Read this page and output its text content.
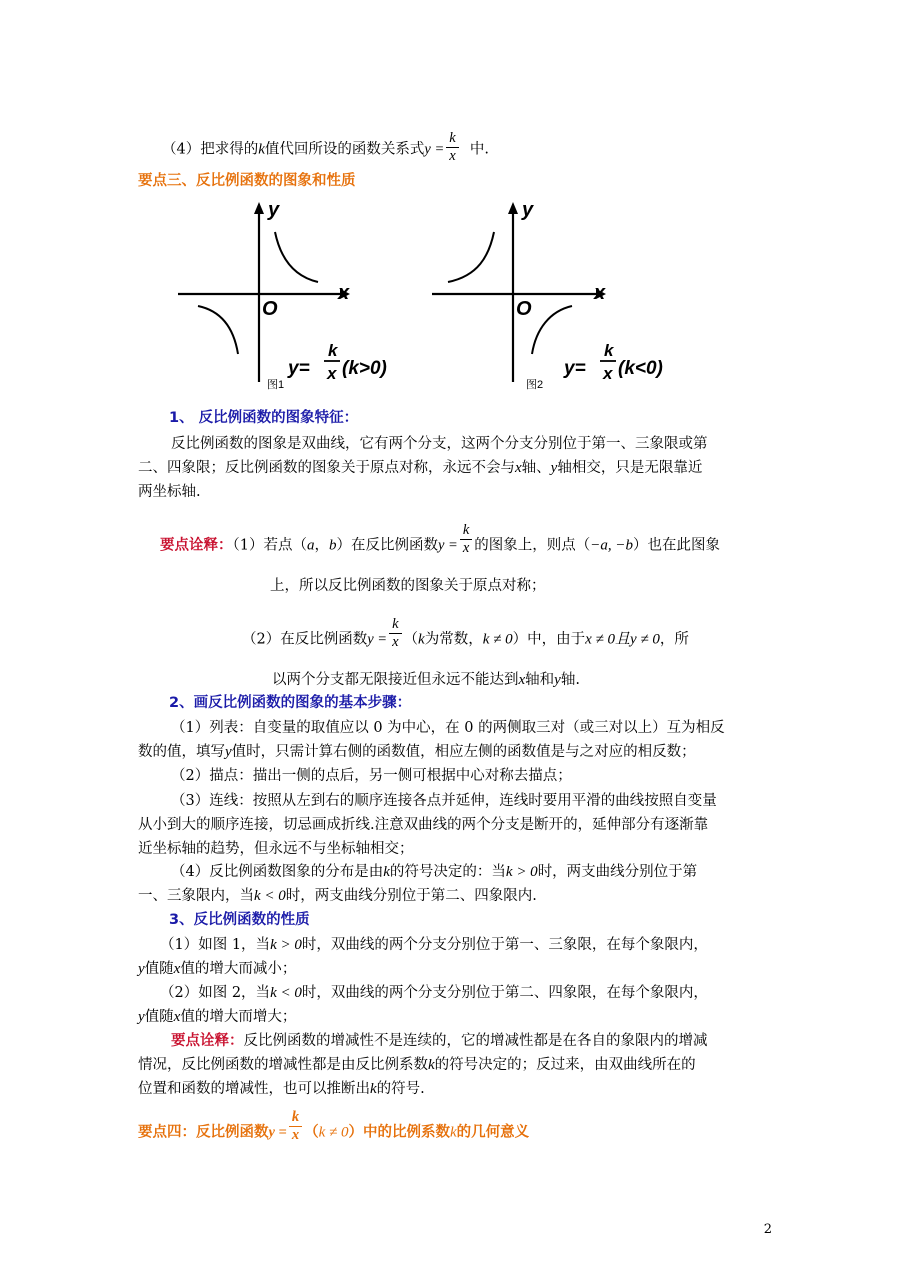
（4）把求得的k值代回所设的函数关系式$y = \frac{k}{x}$ 中.
要点三、反比例函数的图象和性质
y
x
O
y=
k
x (k>0)
图1
y
x
O
y=
k
x (k<0)
图2
1、 反比例函数的图象特征：
反比例函数的图象是双曲线，它有两个分支，这两个分支分别位于第一、三象限或第
二、四象限；反比例函数的图象关于原点对称，永远不会与x轴、y轴相交，只是无限靠近
两坐标轴.
要点诠释：（1）若点（a，b）在反比例函数$y = \frac{k}{x}$ 的图象上，则点（−a, −b）也在此图象
上，所以反比例函数的图象关于原点对称；
（2）在反比例函数$y = \frac{k}{x} (k$为常数，k ≠ 0）中，由于x ≠ 0且y ≠ 0，所
以两个分支都无限接近但永远不能达到x轴和y轴.
2、画反比例函数的图象的基本步骤：
（1）列表：自变量的取值应以 0 为中心，在 0 的两侧取三对（或三对以上）互为相反
数的值，填写y值时，只需计算右侧的函数值，相应左侧的函数值是与之对应的相反数；
（2）描点：描出一侧的点后，另一侧可根据中心对称去描点；
（3）连线：按照从左到右的顺序连接各点并延伸，连线时要用平滑的曲线按照自变量
从小到大的顺序连接，切忌画成折线.注意双曲线的两个分支是断开的，延伸部分有逐渐靠
近坐标轴的趋势，但永远不与坐标轴相交；
（4）反比例函数图象的分布是由k的符号决定的：当k > 0时，两支曲线分别位于第
一、三象限内，当k < 0时，两支曲线分别位于第二、四象限内.
3、反比例函数的性质
（1）如图 1，当k > 0时，双曲线的两个分支分别位于第一、三象限，在每个象限内，
y值随x值的增大而减小；
（2）如图 2，当k < 0时，双曲线的两个分支分别位于第二、四象限，在每个象限内，
y值随x值的增大而增大；
要点诠释：反比例函数的增减性不是连续的，它的增减性都是在各自的象限内的增减
情况，反比例函数的增减性都是由反比例系数k的符号决定的；反过来，由双曲线所在的
位置和函数的增减性，也可以推断出k的符号.
要点四：反比例函数$y = \frac{k}{x} (k \ne 0)$中的比例系数k的几何意义
2
